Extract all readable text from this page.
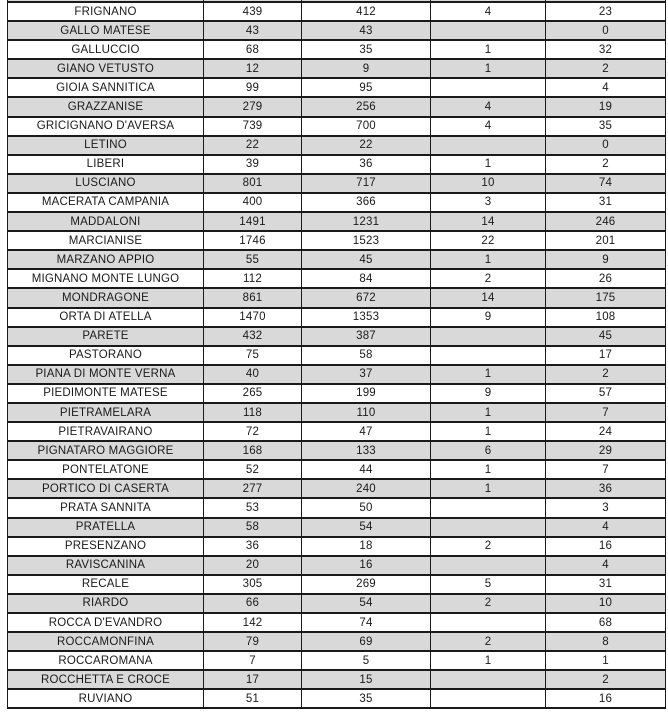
FRIGNANO	439	412	4	23
GALLO MATESE	43	43		0
GALLUCCIO	68	35	1	32
GIANO VETUSTO	12	9	1	2
GIOIA SANNITICA	99	95		4
GRAZZANISE	279	256	4	19
GRICIGNANO D'AVERSA	739	700	4	35
LETINO	22	22		0
LIBERI	39	36	1	2
LUSCIANO	801	717	10	74
MACERATA CAMPANIA	400	366	3	31
MADDALONI	1491	1231	14	246
MARCIANISE	1746	1523	22	201
MARZANO APPIO	55	45	1	9
MIGNANO MONTE LUNGO	112	84	2	26
MONDRAGONE	861	672	14	175
ORTA DI ATELLA	1470	1353	9	108
PARETE	432	387		45
PASTORANO	75	58		17
PIANA DI MONTE VERNA	40	37	1	2
PIEDIMONTE MATESE	265	199	9	57
PIETRAMELARA	118	110	1	7
PIETRAVAIRANO	72	47	1	24
PIGNATARO MAGGIORE	168	133	6	29
PONTELATONE	52	44	1	7
PORTICO DI CASERTA	277	240	1	36
PRATA SANNITA	53	50		3
PRATELLA	58	54		4
PRESENZANO	36	18	2	16
RAVISCANINA	20	16		4
RECALE	305	269	5	31
RIARDO	66	54	2	10
ROCCA D'EVANDRO	142	74		68
ROCCAMONFINA	79	69	2	8
ROCCAROMANA	7	5	1	1
ROCCHETTA E CROCE	17	15		2
RUVIANO	51	35		16
